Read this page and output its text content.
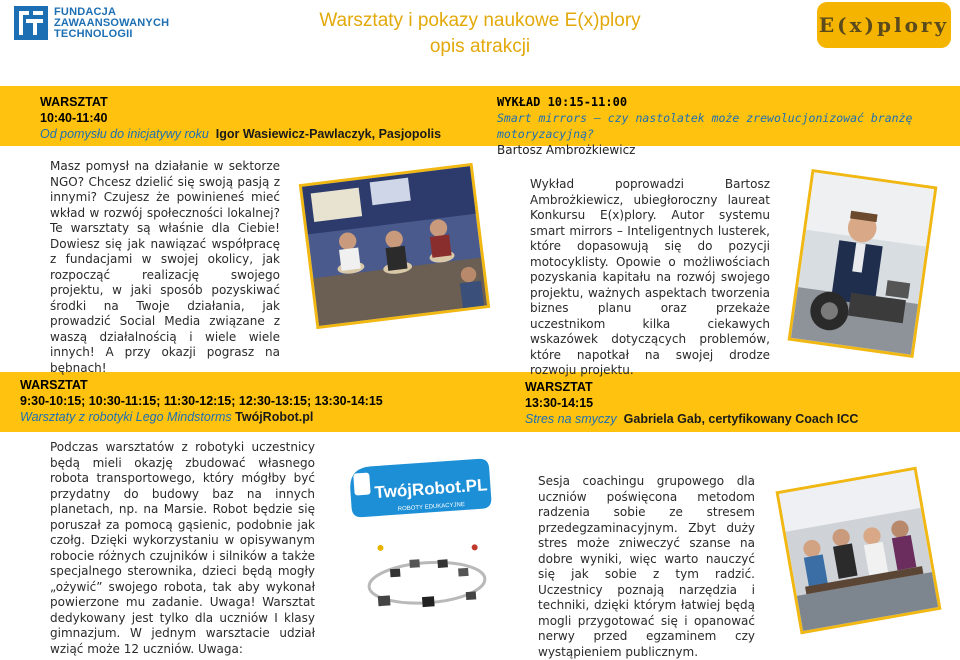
FUNDACJA
ZAWAANSOWANYCH
TECHNOLOGII
Warsztaty i pokazy naukowe E(x)plory
opis atrakcji
E(x)plory
WARSZTAT
10:40-11:40
Od pomysłu do inicjatywy roku Igor Wasiewicz-Pawlaczyk, Pasjopolis
WYKŁAD 10:15-11:00
Smart mirrors – czy nastolatek może zrewolucjonizować branżę motoryzacyjną?
Bartosz Ambrożkiewicz
WARSZTAT
9:30-10:15; 10:30-11:15; 11:30-12:15; 12:30-13:15; 13:30-14:15
Warsztaty z robotyki Lego Mindstorms TwójRobot.pl
WARSZTAT
13:30-14:15
Stres na smyczy Gabriela Gab, certyfikowany Coach ICC
Masz pomysł na działanie w sektorze NGO? Chcesz dzielić się swoją pasją z innymi? Czujesz że powinieneś mieć wkład w rozwój społeczności lokalnej? Te warsztaty są właśnie dla Ciebie! Dowiesz się jak nawiązać współpracę z fundacjami w swojej okolicy, jak rozpocząć realizację swojego projektu, w jaki sposób pozyskiwać środki na Twoje działania, jak prowadzić Social Media związane z waszą działalnością i wiele wiele innych! A przy okazji pograsz na bębnach!
Wykład poprowadzi Bartosz Ambrożkiewicz, ubiegłoroczny laureat Konkursu E(x)plory. Autor systemu smart mirrors – Inteligentnych lusterek, które dopasowują się do pozycji motocyklisty. Opowie o możliwościach pozyskania kapitału na rozwój swojego projektu, ważnych aspektach tworzenia biznes planu oraz przekaże uczestnikom kilka ciekawych wskazówek dotyczących problemów, które napotkał na swojej drodze rozwoju projektu.
Podczas warsztatów z robotyki uczestnicy będą mieli okazję zbudować własnego robota transportowego, który mógłby być przydatny do budowy baz na innych planetach, np. na Marsie. Robot będzie się poruszał za pomocą gąsienic, podobnie jak czołg. Dzięki wykorzystaniu w opisywanym robocie różnych czujników i silników a także specjalnego sterownika, dzieci będą mogły „ożywić” swojego robota, tak aby wykonał powierzone mu zadanie. Uwaga! Warsztat dedykowany jest tylko dla uczniów I klasy gimnazjum. W jednym warsztacie udział wziąć może 12 uczniów. Uwaga:
Sesja coachingu grupowego dla uczniów poświęcona metodom radzenia sobie ze stresem przedegzaminacyjnym. Zbyt duży stres może zniweczyć szanse na dobre wyniki, więc warto nauczyć się jak sobie z tym radzić. Uczestnicy poznają narzędzia i techniki, dzięki którym łatwiej będą mogli przygotować się i opanować nerwy przed egzaminem czy wystąpieniem publicznym.
TwójRobot.PL
ROBOTY EDUKACYJNE
